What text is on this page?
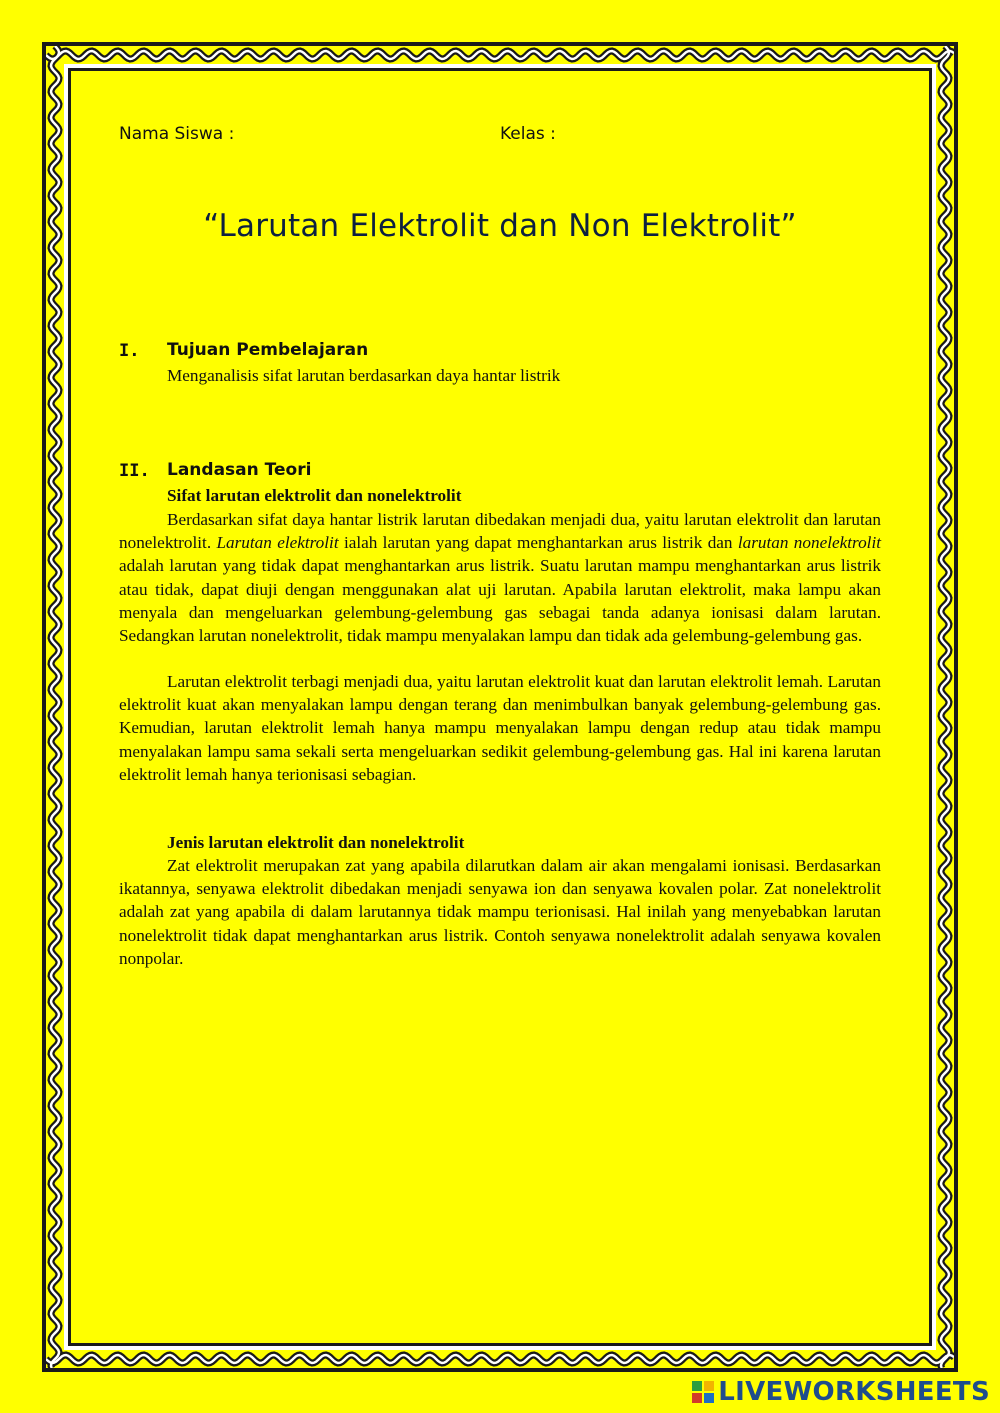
Nama Siswa :	Kelas :
“Larutan Elektrolit dan Non Elektrolit”
I. Tujuan Pembelajaran
Menganalisis sifat larutan berdasarkan daya hantar listrik
II. Landasan Teori
Sifat larutan elektrolit dan nonelektrolit

Berdasarkan sifat daya hantar listrik larutan dibedakan menjadi dua, yaitu larutan elektrolit dan larutan nonelektrolit. Larutan elektrolit ialah larutan yang dapat menghantarkan arus listrik dan larutan nonelektrolit adalah larutan yang tidak dapat menghantarkan arus listrik. Suatu larutan mampu menghantarkan arus listrik atau tidak, dapat diuji dengan menggunakan alat uji larutan. Apabila larutan elektrolit, maka lampu akan menyala dan mengeluarkan gelembung-gelembung gas sebagai tanda adanya ionisasi dalam larutan. Sedangkan larutan nonelektrolit, tidak mampu menyalakan lampu dan tidak ada gelembung-gelembung gas.

Larutan elektrolit terbagi menjadi dua, yaitu larutan elektrolit kuat dan larutan elektrolit lemah. Larutan elektrolit kuat akan menyalakan lampu dengan terang dan menimbulkan banyak gelembung-gelembung gas. Kemudian, larutan elektrolit lemah hanya mampu menyalakan lampu dengan redup atau tidak mampu menyalakan lampu sama sekali serta mengeluarkan sedikit gelembung-gelembung gas. Hal ini karena larutan elektrolit lemah hanya terionisasi sebagian.

Jenis larutan elektrolit dan nonelektrolit

Zat elektrolit merupakan zat yang apabila dilarutkan dalam air akan mengalami ionisasi. Berdasarkan ikatannya, senyawa elektrolit dibedakan menjadi senyawa ion dan senyawa kovalen polar. Zat nonelektrolit adalah zat yang apabila di dalam larutannya tidak mampu terionisasi. Hal inilah yang menyebabkan larutan nonelektrolit tidak dapat menghantarkan arus listrik. Contoh senyawa nonelektrolit adalah senyawa kovalen nonpolar.

LIVEWORKSHEETS
